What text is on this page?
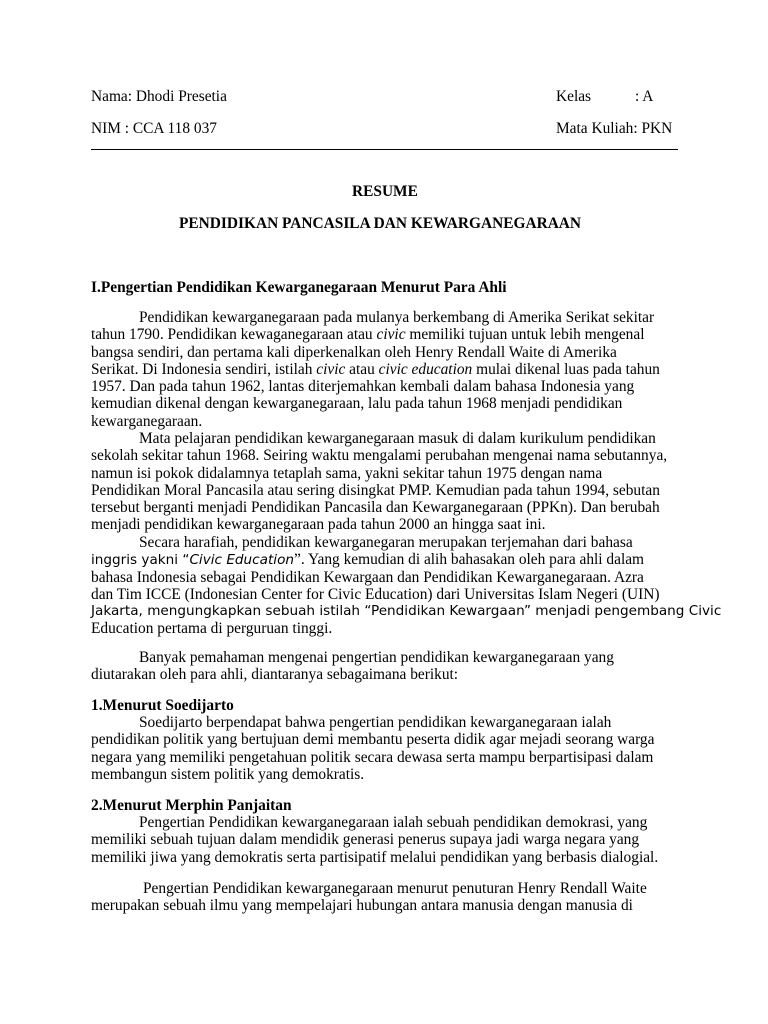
Nama: Dhodi Presetia	Kelas	: A
NIM : CCA 118 037	Mata Kuliah: PKN
RESUME
PENDIDIKAN PANCASILA DAN KEWARGANEGARAAN
I.Pengertian Pendidikan Kewarganegaraan Menurut Para Ahli
Pendidikan kewarganegaraan pada mulanya berkembang di Amerika Serikat sekitar
tahun 1790. Pendidikan kewaganegaraan atau civic memiliki tujuan untuk lebih mengenal
bangsa sendiri, dan pertama kali diperkenalkan oleh Henry Rendall Waite di Amerika
Serikat. Di Indonesia sendiri, istilah civic atau civic education mulai dikenal luas pada tahun
1957. Dan pada tahun 1962, lantas diterjemahkan kembali dalam bahasa Indonesia yang
kemudian dikenal dengan kewarganegaraan, lalu pada tahun 1968 menjadi pendidikan
kewarganegaraan.
Mata pelajaran pendidikan kewarganegaraan masuk di dalam kurikulum pendidikan
sekolah sekitar tahun 1968. Seiring waktu mengalami perubahan mengenai nama sebutannya,
namun isi pokok didalamnya tetaplah sama, yakni sekitar tahun 1975 dengan nama
Pendidikan Moral Pancasila atau sering disingkat PMP. Kemudian pada tahun 1994, sebutan
tersebut berganti menjadi Pendidikan Pancasila dan Kewarganegaraan (PPKn). Dan berubah
menjadi pendidikan kewarganegaraan pada tahun 2000 an hingga saat ini.
Secara harafiah, pendidikan kewarganegaran merupakan terjemahan dari bahasa
inggris yakni “Civic Education”. Yang kemudian di alih bahasakan oleh para ahli dalam
bahasa Indonesia sebagai Pendidikan Kewargaan dan Pendidikan Kewarganegaraan. Azra
dan Tim ICCE (Indonesian Center for Civic Education) dari Universitas Islam Negeri (UIN)
Jakarta, mengungkapkan sebuah istilah “Pendidikan Kewargaan” menjadi pengembang Civic
Education pertama di perguruan tinggi.
Banyak pemahaman mengenai pengertian pendidikan kewarganegaraan yang
diutarakan oleh para ahli, diantaranya sebagaimana berikut:
1.Menurut Soedijarto
Soedijarto berpendapat bahwa pengertian pendidikan kewarganegaraan ialah
pendidikan politik yang bertujuan demi membantu peserta didik agar mejadi seorang warga
negara yang memiliki pengetahuan politik secara dewasa serta mampu berpartisipasi dalam
membangun sistem politik yang demokratis.
2.Menurut Merphin Panjaitan
Pengertian Pendidikan kewarganegaraan ialah sebuah pendidikan demokrasi, yang
memiliki sebuah tujuan dalam mendidik generasi penerus supaya jadi warga negara yang
memiliki jiwa yang demokratis serta partisipatif melalui pendidikan yang berbasis dialogial.
Pengertian Pendidikan kewarganegaraan menurut penuturan Henry Rendall Waite
merupakan sebuah ilmu yang mempelajari hubungan antara manusia dengan manusia di
